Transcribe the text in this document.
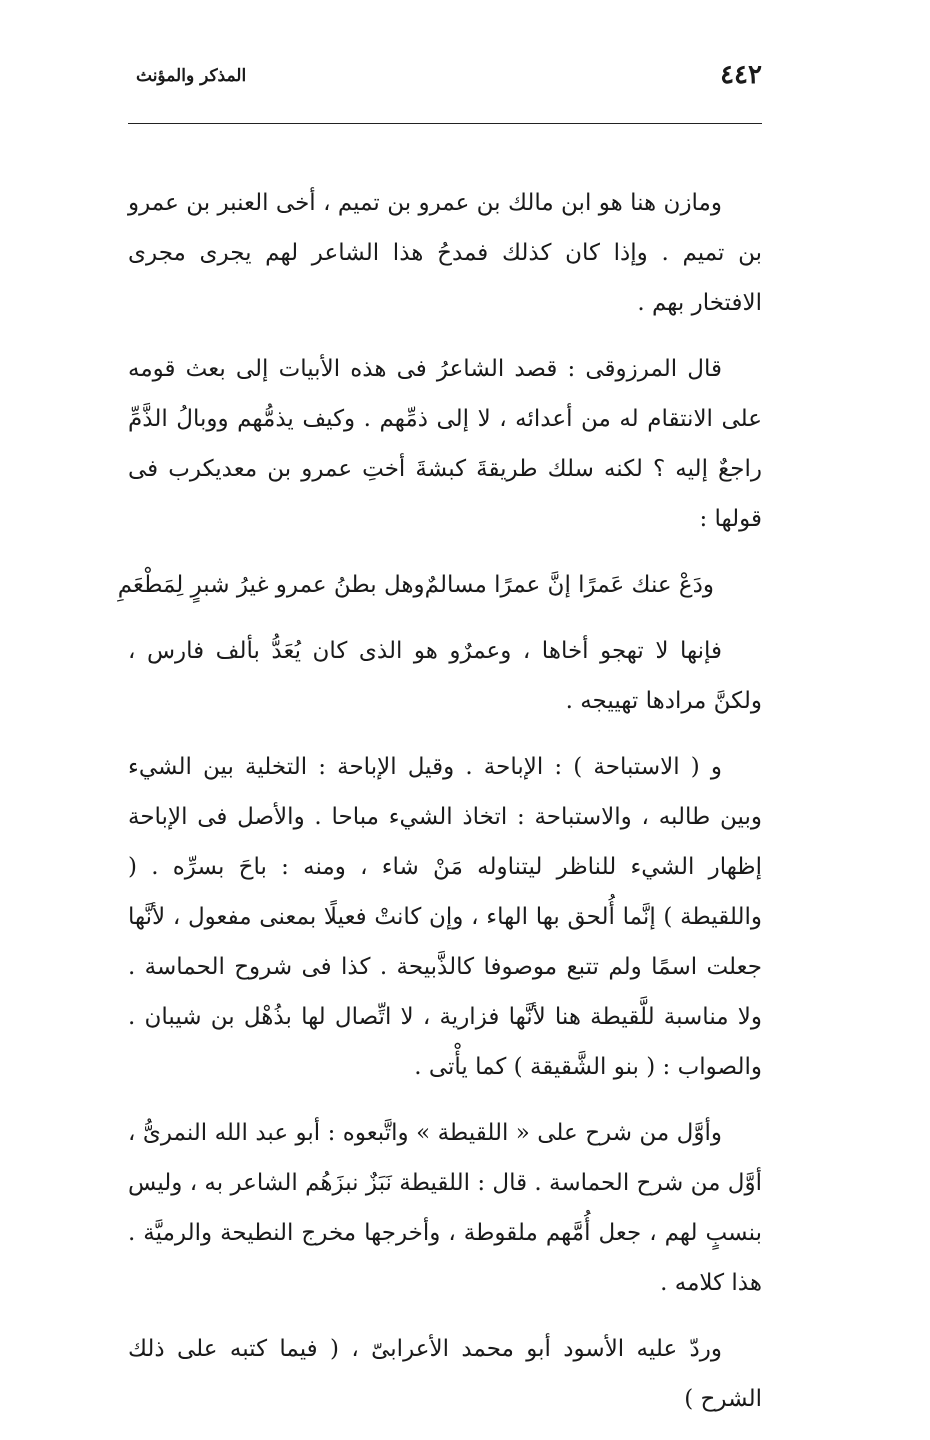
٤٤٢
المذكر والمؤنث

ومازن هنا هو ابن مالك بن عمرو بن تميم ، أخى العنبر بن عمرو بن تميم . وإذا كان كذلك فمدحُ هذا الشاعر لهم يجرى مجرى الافتخار بهم .

قال المرزوقى : قصد الشاعرُ فى هذه الأبيات إلى بعث قومه على الانتقام له من أعدائه ، لا إلى ذمِّهم . وكيف يذمُّهم ووبالُ الذَّمِّ راجعٌ إليه ؟ لكنه سلك طريقةَ كبشةَ أختِ عمرو بن معديكرب فى قولها :

ودَعْ عنك عَمرًا إنَّ عمرًا مسالمٌ
وهل بطنُ عمرو غيرُ شبرٍ لِمَطْعَمِ

فإنها لا تهجو أخاها ، وعمرٌو هو الذى كان يُعَدُّ بألف فارس ، ولكنَّ مرادها تهييجه .

و ( الاستباحة ) : الإباحة . وقيل الإباحة : التخلية بين الشيء وبين طالبه ، والاستباحة : اتخاذ الشيء مباحا . والأصل فى الإباحة إظهار الشيء للناظر ليتناوله مَنْ شاء ، ومنه : باحَ بسرِّه . ( واللقيطة ) إنَّما أُلحق بها الهاء ، وإن كانتْ فعيلًا بمعنى مفعول ، لأنَّها جعلت اسمًا ولم تتبع موصوفا كالذَّبيحة . كذا فى شروح الحماسة . ولا مناسبة للَّقيطة هنا لأنَّها فزارية ، لا اتِّصال لها بذُهْل بن شيبان . والصواب : ( بنو الشَّقيقة ) كما يأْتى .

وأوَّل من شرح على « اللقيطة » واتَّبعوه : أبو عبد الله النمرىُّ ، أوَّل من شرح الحماسة . قال : اللقيطة نَبَزٌ نبزَهُم الشاعر به ، وليس بنسبٍ لهم ، جعل أُمَّهم ملقوطة ، وأخرجها مخرج النطيحة والرميَّة . هذا كلامه .

وردّ عليه الأسود أبو محمد الأعرابىّ ، ( فيما كتبه على ذلك الشرح )
